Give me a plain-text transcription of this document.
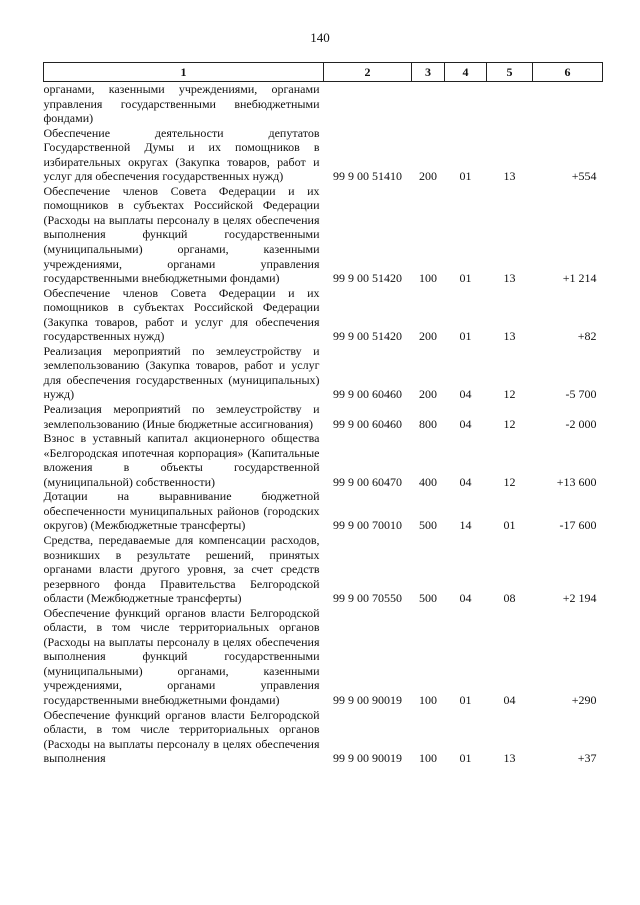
140
1	2	3	4	5	6
органами, казенными учреждениями, органами управления государственными внебюджетными фондами)					
Обеспечение деятельности депутатов Государственной Думы и их помощников в избирательных округах (Закупка товаров, работ и услуг для обеспечения государственных нужд)	99 9 00 51410	200	01	13	+554
Обеспечение членов Совета Федерации и их помощников в субъектах Российской Федерации (Расходы на выплаты персоналу в целях обеспечения выполнения функций государственными (муниципальными) органами, казенными учреждениями, органами управления государственными внебюджетными фондами)	99 9 00 51420	100	01	13	+1 214
Обеспечение членов Совета Федерации и их помощников в субъектах Российской Федерации (Закупка товаров, работ и услуг для обеспечения государственных нужд)	99 9 00 51420	200	01	13	+82
Реализация мероприятий по землеустройству и землепользованию (Закупка товаров, работ и услуг для обеспечения государственных (муниципальных) нужд)	99 9 00 60460	200	04	12	-5 700
Реализация мероприятий по землеустройству и землепользованию (Иные бюджетные ассигнования)	99 9 00 60460	800	04	12	-2 000
Взнос в уставный капитал акционерного общества «Белгородская ипотечная корпорация» (Капитальные вложения в объекты государственной (муниципальной) собственности)	99 9 00 60470	400	04	12	+13 600
Дотации на выравнивание бюджетной обеспеченности муниципальных районов (городских округов) (Межбюджетные трансферты)	99 9 00 70010	500	14	01	-17 600
Средства, передаваемые для компенсации расходов, возникших в результате решений, принятых органами власти другого уровня, за счет средств резервного фонда Правительства Белгородской области (Межбюджетные трансферты)	99 9 00 70550	500	04	08	+2 194
Обеспечение функций органов власти Белгородской области, в том числе территориальных органов (Расходы на выплаты персоналу в целях обеспечения выполнения функций государственными (муниципальными) органами, казенными учреждениями, органами управления государственными внебюджетными фондами)	99 9 00 90019	100	01	04	+290
Обеспечение функций органов власти Белгородской области, в том числе территориальных органов (Расходы на выплаты персоналу в целях обеспечения выполнения	99 9 00 90019	100	01	13	+37
